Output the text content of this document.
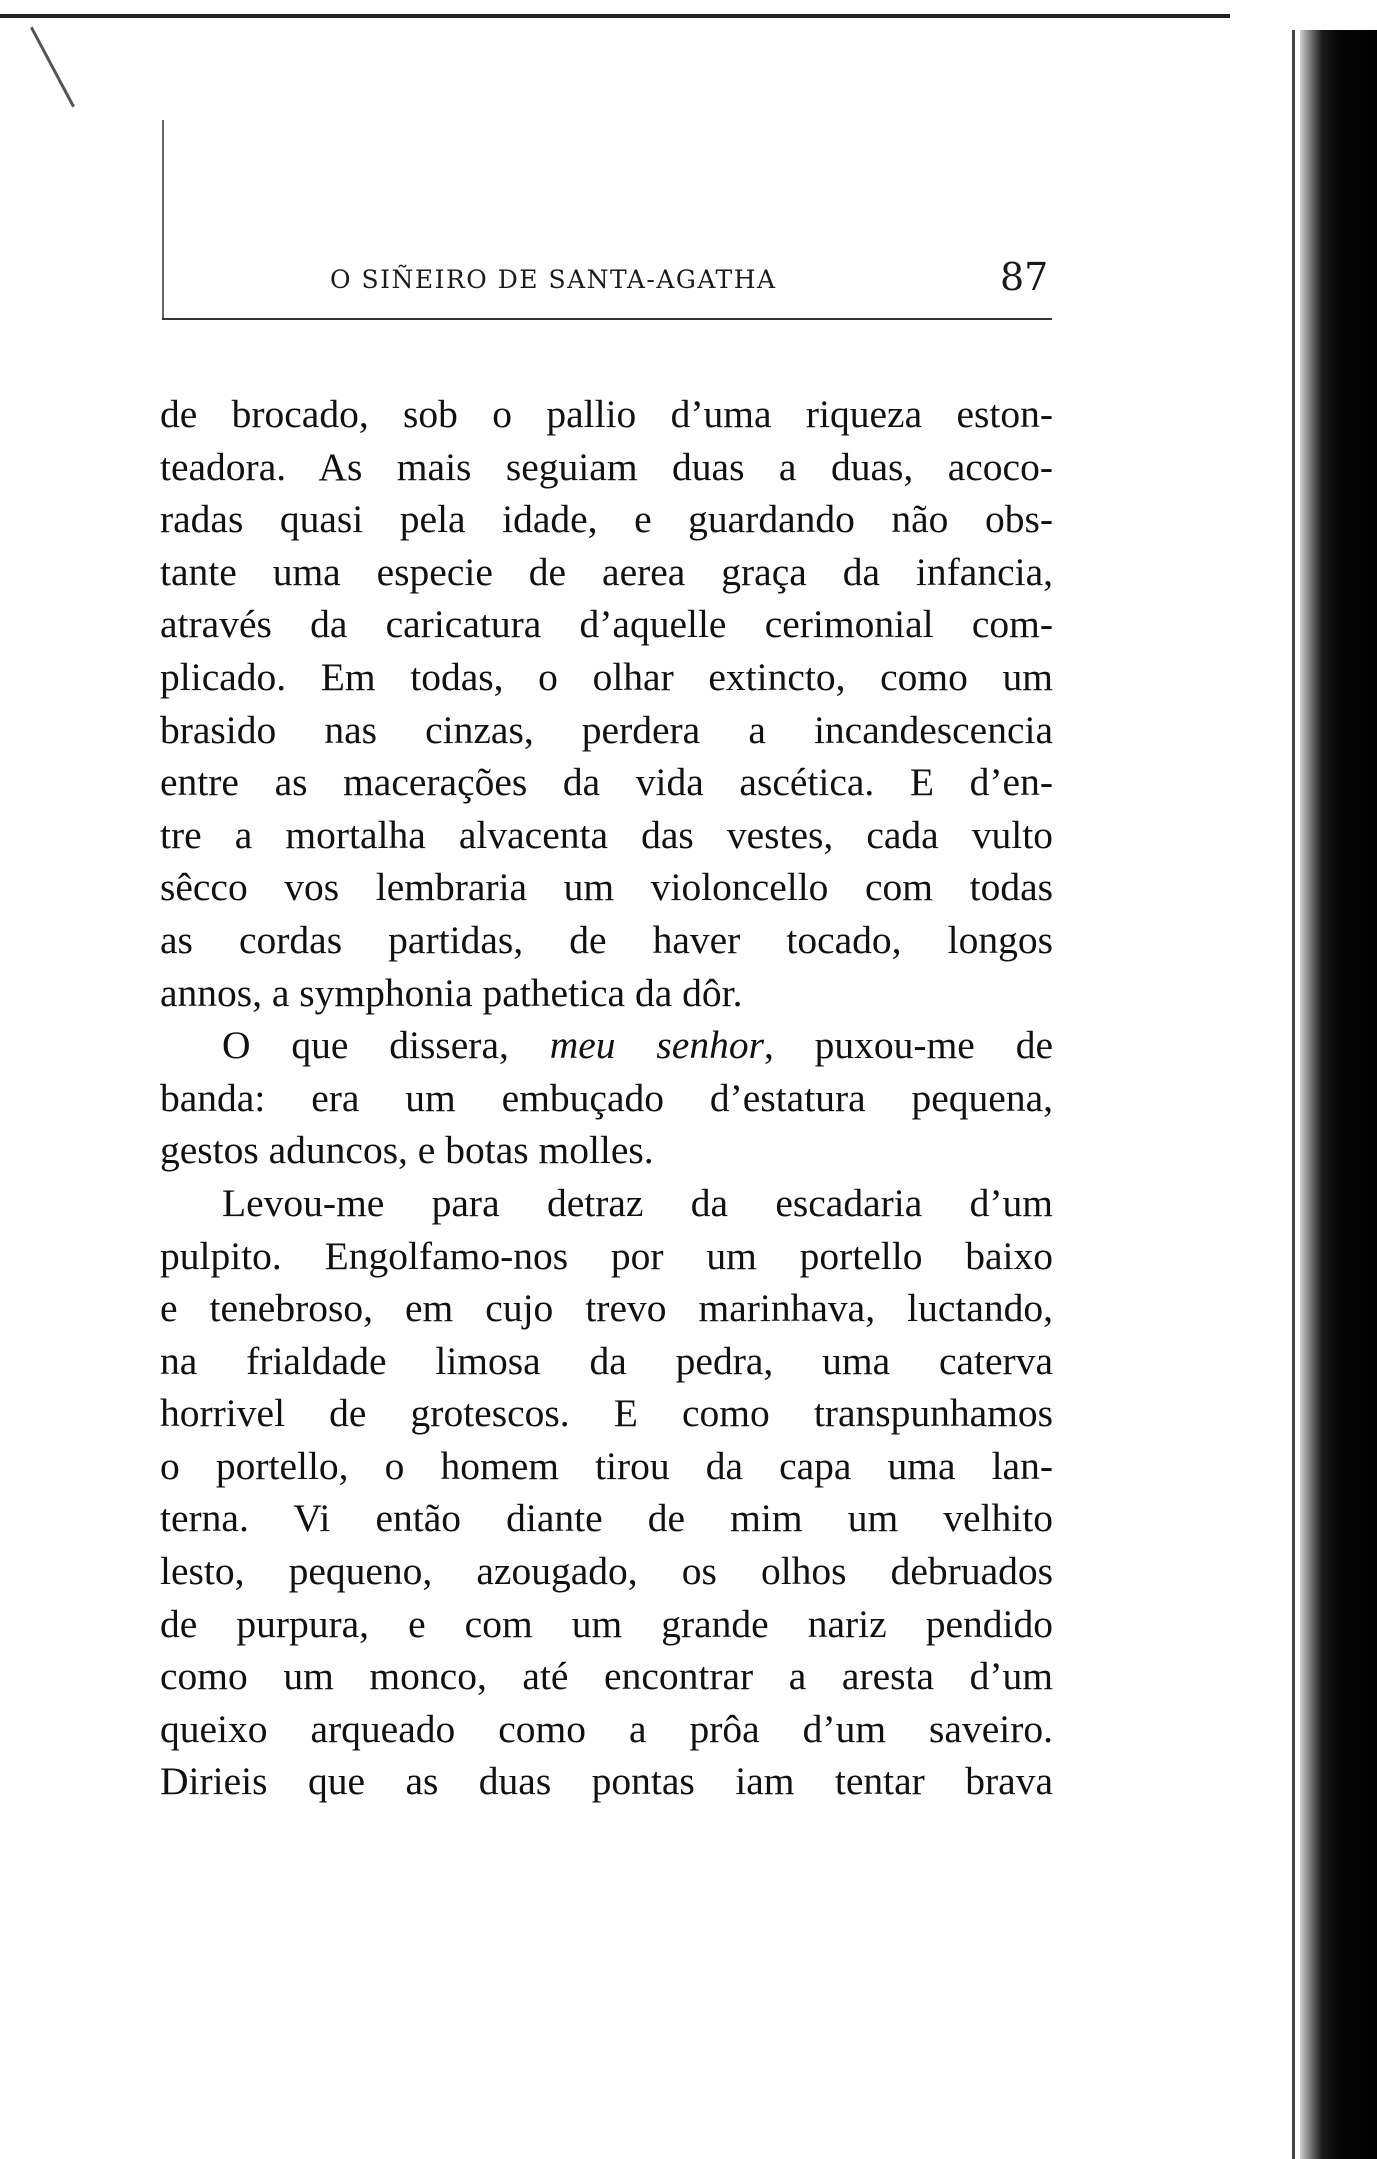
O SIÑEIRO DE SANTA-AGATHA	87
de brocado, sob o pallio d’uma riqueza eston-
teadora. As mais seguiam duas a duas, acoco-
radas quasi pela idade, e guardando não obs-
tante uma especie de aerea graça da infancia,
através da caricatura d’aquelle cerimonial com-
plicado. Em todas, o olhar extincto, como um
brasido nas cinzas, perdera a incandescencia
entre as macerações da vida ascética. E d’en-
tre a mortalha alvacenta das vestes, cada vulto
sêcco vos lembraria um violoncello com todas
as cordas partidas, de haver tocado, longos
annos, a symphonia pathetica da dôr.
O que dissera, meu senhor, puxou-me de
banda: era um embuçado d’estatura pequena,
gestos aduncos, e botas molles.
Levou-me para detraz da escadaria d’um
pulpito. Engolfamo-nos por um portello baixo
e tenebroso, em cujo trevo marinhava, luctando,
na frialdade limosa da pedra, uma caterva
horrivel de grotescos. E como transpunhamos
o portello, o homem tirou da capa uma lan-
terna. Vi então diante de mim um velhito
lesto, pequeno, azougado, os olhos debruados
de purpura, e com um grande nariz pendido
como um monco, até encontrar a aresta d’um
queixo arqueado como a prôa d’um saveiro.
Dirieis que as duas pontas iam tentar brava
